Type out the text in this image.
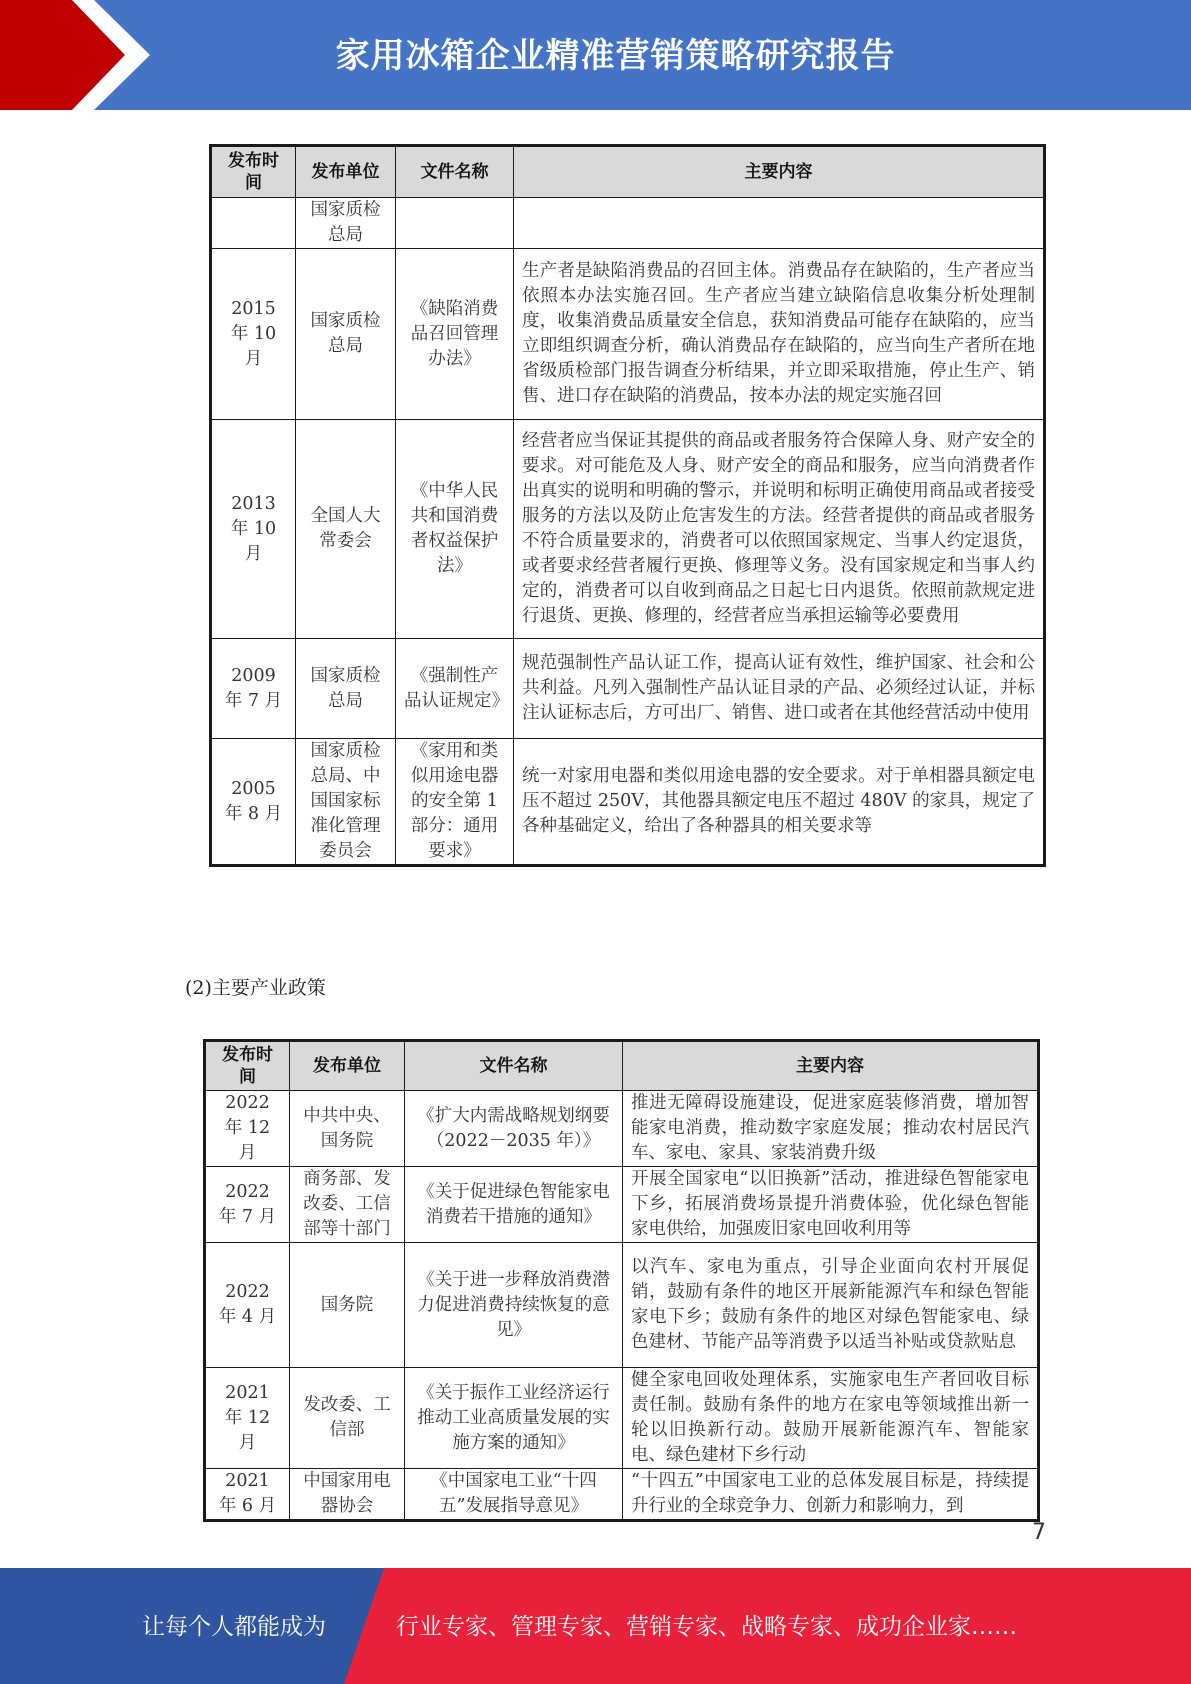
家用冰箱企业精准营销策略研究报告
发布时间	发布单位	文件名称	主要内容
	国家质检总局		
2015 年 10 月	国家质检总局	《缺陷消费品召回管理办法》	生产者是缺陷消费品的召回主体。消费品存在缺陷的，生产者应当依照本办法实施召回。生产者应当建立缺陷信息收集分析处理制度，收集消费品质量安全信息，获知消费品可能存在缺陷的，应当立即组织调查分析，确认消费品存在缺陷的，应当向生产者所在地省级质检部门报告调查分析结果，并立即采取措施，停止生产、销售、进口存在缺陷的消费品，按本办法的规定实施召回
2013 年 10 月	全国人大常委会	《中华人民共和国消费者权益保护法》	经营者应当保证其提供的商品或者服务符合保障人身、财产安全的要求。对可能危及人身、财产安全的商品和服务，应当向消费者作出真实的说明和明确的警示，并说明和标明正确使用商品或者接受服务的方法以及防止危害发生的方法。经营者提供的商品或者服务不符合质量要求的，消费者可以依照国家规定、当事人约定退货，或者要求经营者履行更换、修理等义务。没有国家规定和当事人约定的，消费者可以自收到商品之日起七日内退货。依照前款规定进行退货、更换、修理的，经营者应当承担运输等必要费用
2009 年 7 月	国家质检总局	《强制性产品认证规定》	规范强制性产品认证工作，提高认证有效性，维护国家、社会和公共利益。凡列入强制性产品认证目录的产品、必须经过认证，并标注认证标志后，方可出厂、销售、进口或者在其他经营活动中使用
2005 年 8 月	国家质检总局、中国国家标准化管理委员会	《家用和类似用途电器的安全第 1 部分：通用要求》	统一对家用电器和类似用途电器的安全要求。对于单相器具额定电压不超过 250V，其他器具额定电压不超过 480V 的家具，规定了各种基础定义，给出了各种器具的相关要求等
(2)主要产业政策
发布时间	发布单位	文件名称	主要内容
2022 年 12 月	中共中央、国务院	《扩大内需战略规划纲要（2022－2035 年）》	推进无障碍设施建设，促进家庭装修消费，增加智能家电消费，推动数字家庭发展；推动农村居民汽车、家电、家具、家装消费升级
2022 年 7 月	商务部、发改委、工信部等十部门	《关于促进绿色智能家电消费若干措施的通知》	开展全国家电“以旧换新”活动，推进绿色智能家电下乡，拓展消费场景提升消费体验，优化绿色智能家电供给，加强废旧家电回收利用等
2022 年 4 月	国务院	《关于进一步释放消费潜力促进消费持续恢复的意见》	以汽车、家电为重点，引导企业面向农村开展促销，鼓励有条件的地区开展新能源汽车和绿色智能家电下乡；鼓励有条件的地区对绿色智能家电、绿色建材、节能产品等消费予以适当补贴或贷款贴息
2021 年 12 月	发改委、工信部	《关于振作工业经济运行 推动工业高质量发展的实施方案的通知》	健全家电回收处理体系，实施家电生产者回收目标责任制。鼓励有条件的地方在家电等领域推出新一轮以旧换新行动。鼓励开展新能源汽车、智能家电、绿色建材下乡行动
2021 年 6 月	中国家用电器协会	《中国家电工业“十四五”发展指导意见》	“十四五”中国家电工业的总体发展目标是，持续提升行业的全球竞争力、创新力和影响力，到
7
让每个人都能成为	行业专家、管理专家、营销专家、战略专家、成功企业家……
